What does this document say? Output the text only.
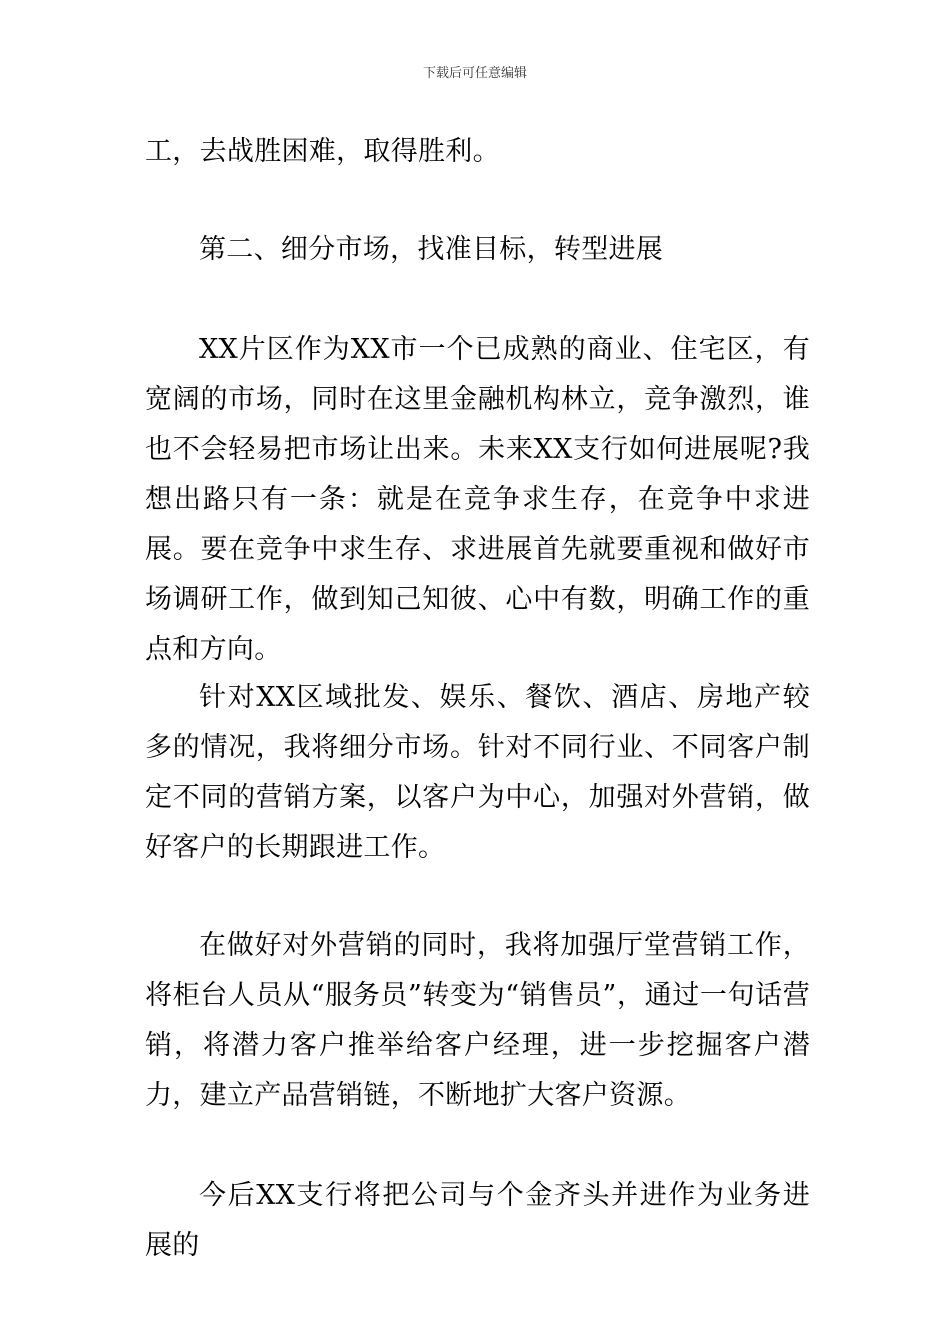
下载后可任意编辑

工，去战胜困难，取得胜利。

第二、细分市场，找准目标，转型进展

XX片区作为XX市一个已成熟的商业、住宅区，有宽阔的市场，同时在这里金融机构林立，竞争激烈，谁也不会轻易把市场让出来。未来XX支行如何进展呢?我想出路只有一条：就是在竞争求生存，在竞争中求进展。要在竞争中求生存、求进展首先就要重视和做好市场调研工作，做到知己知彼、心中有数，明确工作的重点和方向。

针对XX区域批发、娱乐、餐饮、酒店、房地产较多的情况，我将细分市场。针对不同行业、不同客户制定不同的营销方案，以客户为中心，加强对外营销，做好客户的长期跟进工作。

在做好对外营销的同时，我将加强厅堂营销工作，将柜台人员从“服务员”转变为“销售员”，通过一句话营销，将潜力客户推举给客户经理，进一步挖掘客户潜力，建立产品营销链，不断地扩大客户资源。

今后XX支行将把公司与个金齐头并进作为业务进展的
